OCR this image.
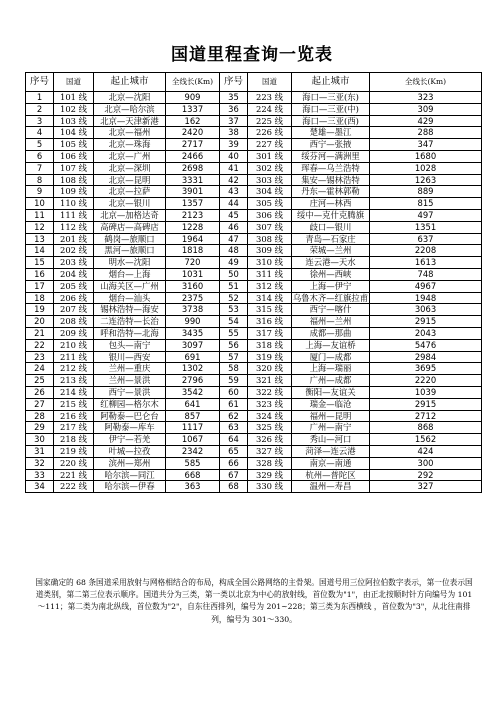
国道里程查询一览表
序号	国道	起止城市	全线长(Km)	序号	国道	起止城市	全线长(Km)
1	101 线	北京—沈阳	909	35	223 线	海口—三亚(东)	323
2	102 线	北京—哈尔滨	1337	36	224 线	海口—三亚(中)	309
3	103 线	北京—天津新港	162	37	225 线	海口—三亚(西)	429
4	104 线	北京—福州	2420	38	226 线	楚雄—墨江	288
5	105 线	北京—珠海	2717	39	227 线	西宁—张掖	347
6	106 线	北京—广州	2466	40	301 线	绥芬河—满洲里	1680
7	107 线	北京—深圳	2698	41	302 线	珲春—乌兰浩特	1028
8	108 线	北京—昆明	3331	42	303 线	集安—锡林浩特	1263
9	109 线	北京—拉萨	3901	43	304 线	丹东—霍林郭勒	889
10	110 线	北京—银川	1357	44	305 线	庄河—林西	815
11	111 线	北京—加格达奇	2123	45	306 线	绥中—克什克腾旗	497
12	112 线	高碑店—高碑店	1228	46	307 线	歧口—银川	1351
13	201 线	鹤岗—旅顺口	1964	47	308 线	青岛—石家庄	637
14	202 线	黑河—旅顺口	1818	48	309 线	荣城—兰州	2208
15	203 线	明水—沈阳	720	49	310 线	连云港—天水	1613
16	204 线	烟台—上海	1031	50	311 线	徐州—西峡	748
17	205 线	山海关区—广州	3160	51	312 线	上海—伊宁	4967
18	206 线	烟台—汕头	2375	52	314 线	乌鲁木齐—红旗拉甫	1948
19	207 线	锡林浩特—海安	3738	53	315 线	西宁—喀什	3063
20	208 线	二连浩特—长治	990	54	316 线	福州—兰州	2915
21	209 线	呼和浩特—北海	3435	55	317 线	成都—那曲	2043
22	210 线	包头—南宁	3097	56	318 线	上海—友谊桥	5476
23	211 线	银川—西安	691	57	319 线	厦门—成都	2984
24	212 线	兰州—重庆	1302	58	320 线	上海—瑞丽	3695
25	213 线	兰州—景洪	2796	59	321 线	广州—成都	2220
26	214 线	西宁—景洪	3542	60	322 线	衡阳—友谊关	1039
27	215 线	红柳园—格尔木	641	61	323 线	瑞金—临沧	2915
28	216 线	阿勒泰—巴仑台	857	62	324 线	福州—昆明	2712
29	217 线	阿勒泰—库车	1117	63	325 线	广州—南宁	868
30	218 线	伊宁—若羌	1067	64	326 线	秀山—河口	1562
31	219 线	叶城—拉孜	2342	65	327 线	菏泽—连云港	424
32	220 线	滨州—郑州	585	66	328 线	南京—南通	300
33	221 线	哈尔滨—同江	668	67	329 线	杭州—普陀区	292
34	222 线	哈尔滨—伊春	363	68	330 线	温州—寿昌	327
国家确定的 68 条国道采用放射与网格相结合的布局，构成全国公路网络的主骨架。国道号用三位阿拉伯数字表示，第一位表示国道类别，第二第三位表示顺序。国道共分为三类，第一类以北京为中心的放射线，首位数为"1"，由正北按顺时针方向编号为 101～111；第二类为南北纵线，首位数为"2"，自东往西排列，编号为 201~228；第三类为东西横线 ，首位数为"3"，从北往南排列，编号为 301～330。
